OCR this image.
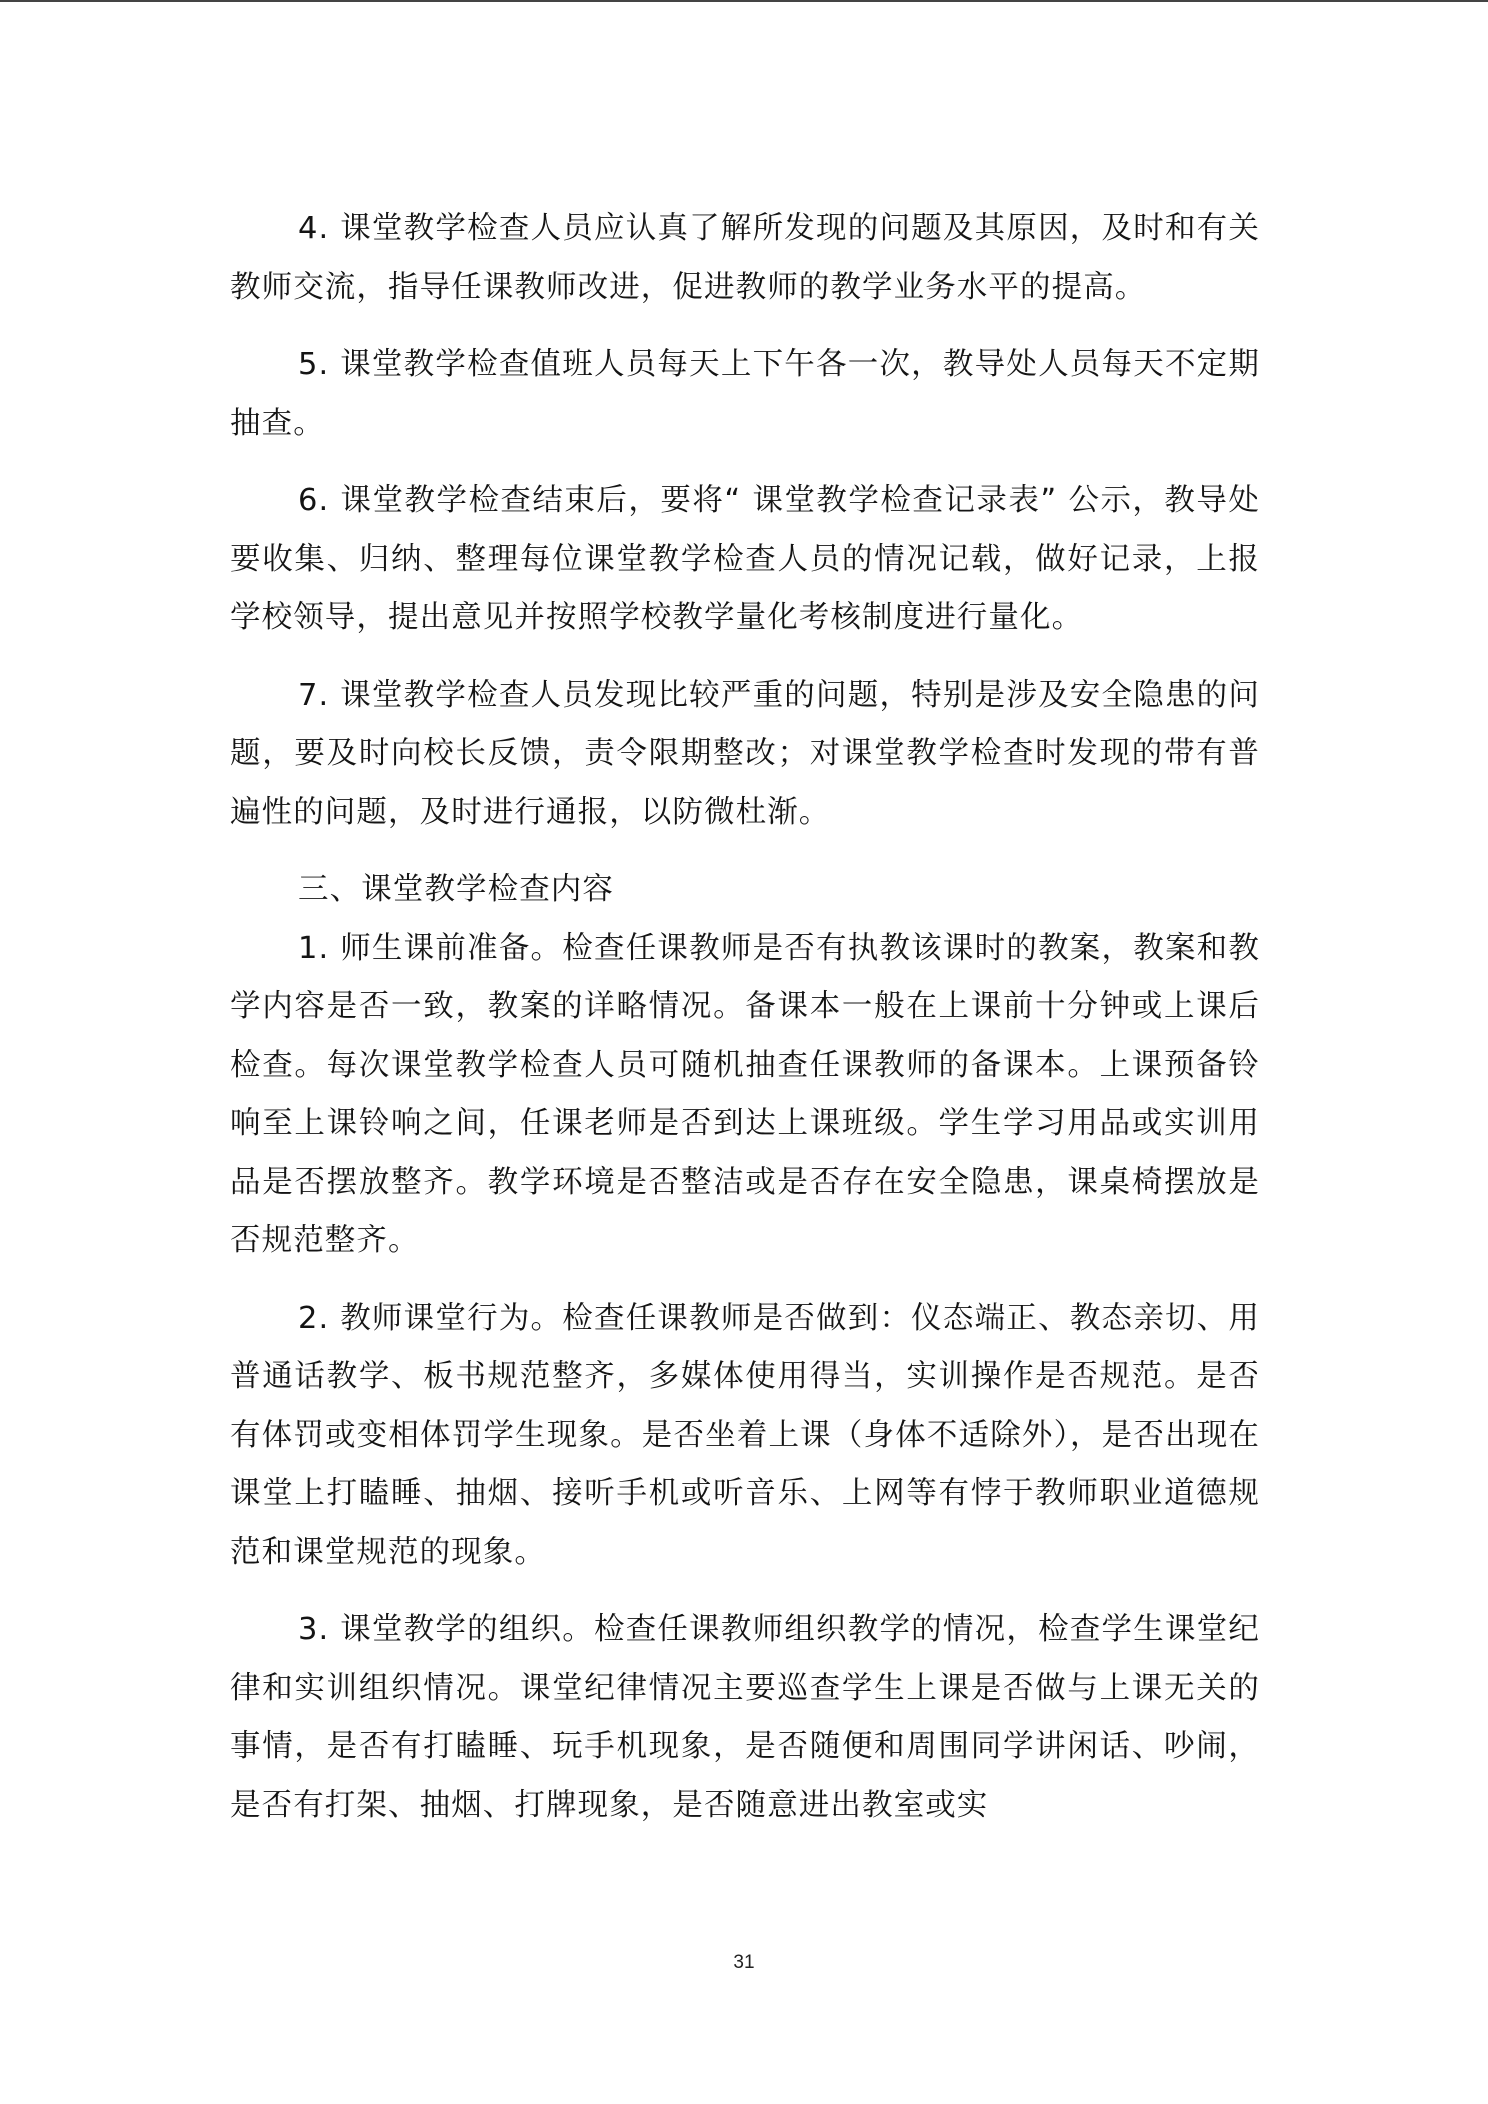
4. 课堂教学检查人员应认真了解所发现的问题及其原因，及时和有关教师交流，指导任课教师改进，促进教师的教学业务水平的提高。

5. 课堂教学检查值班人员每天上下午各一次，教导处人员每天不定期抽查。

6. 课堂教学检查结束后，要将“ 课堂教学检查记录表” 公示，教导处要收集、归纳、整理每位课堂教学检查人员的情况记载，做好记录，上报学校领导，提出意见并按照学校教学量化考核制度进行量化。

7. 课堂教学检查人员发现比较严重的问题，特别是涉及安全隐患的问题，要及时向校长反馈，责令限期整改；对课堂教学检查时发现的带有普遍性的问题，及时进行通报，以防微杜渐。

三、课堂教学检查内容

1. 师生课前准备。检查任课教师是否有执教该课时的教案，教案和教学内容是否一致，教案的详略情况。备课本一般在上课前十分钟或上课后检查。每次课堂教学检查人员可随机抽查任课教师的备课本。上课预备铃响至上课铃响之间，任课老师是否到达上课班级。学生学习用品或实训用品是否摆放整齐。教学环境是否整洁或是否存在安全隐患，课桌椅摆放是否规范整齐。

2. 教师课堂行为。检查任课教师是否做到：仪态端正、教态亲切、用普通话教学、板书规范整齐，多媒体使用得当，实训操作是否规范。是否有体罚或变相体罚学生现象。是否坐着上课（身体不适除外），是否出现在课堂上打瞌睡、抽烟、接听手机或听音乐、上网等有悖于教师职业道德规范和课堂规范的现象。

3. 课堂教学的组织。检查任课教师组织教学的情况，检查学生课堂纪律和实训组织情况。课堂纪律情况主要巡查学生上课是否做与上课无关的事情，是否有打瞌睡、玩手机现象，是否随便和周围同学讲闲话、吵闹，是否有打架、抽烟、打牌现象，是否随意进出教室或实

31
